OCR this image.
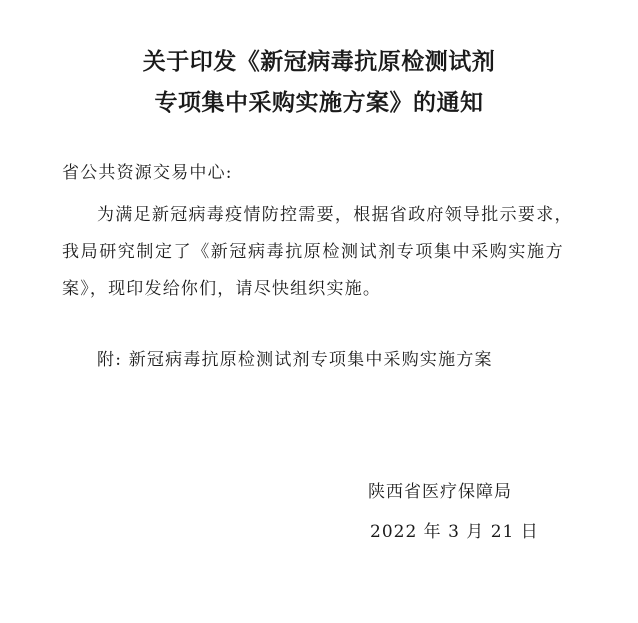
关于印发《新冠病毒抗原检测试剂
专项集中采购实施方案》的通知
省公共资源交易中心:
为满足新冠病毒疫情防控需要，根据省政府领导批示要求，
我局研究制定了《新冠病毒抗原检测试剂专项集中采购实施方
案》，现印发给你们，请尽快组织实施。
附: 新冠病毒抗原检测试剂专项集中采购实施方案
陕西省医疗保障局
2022 年 3 月 21 日
